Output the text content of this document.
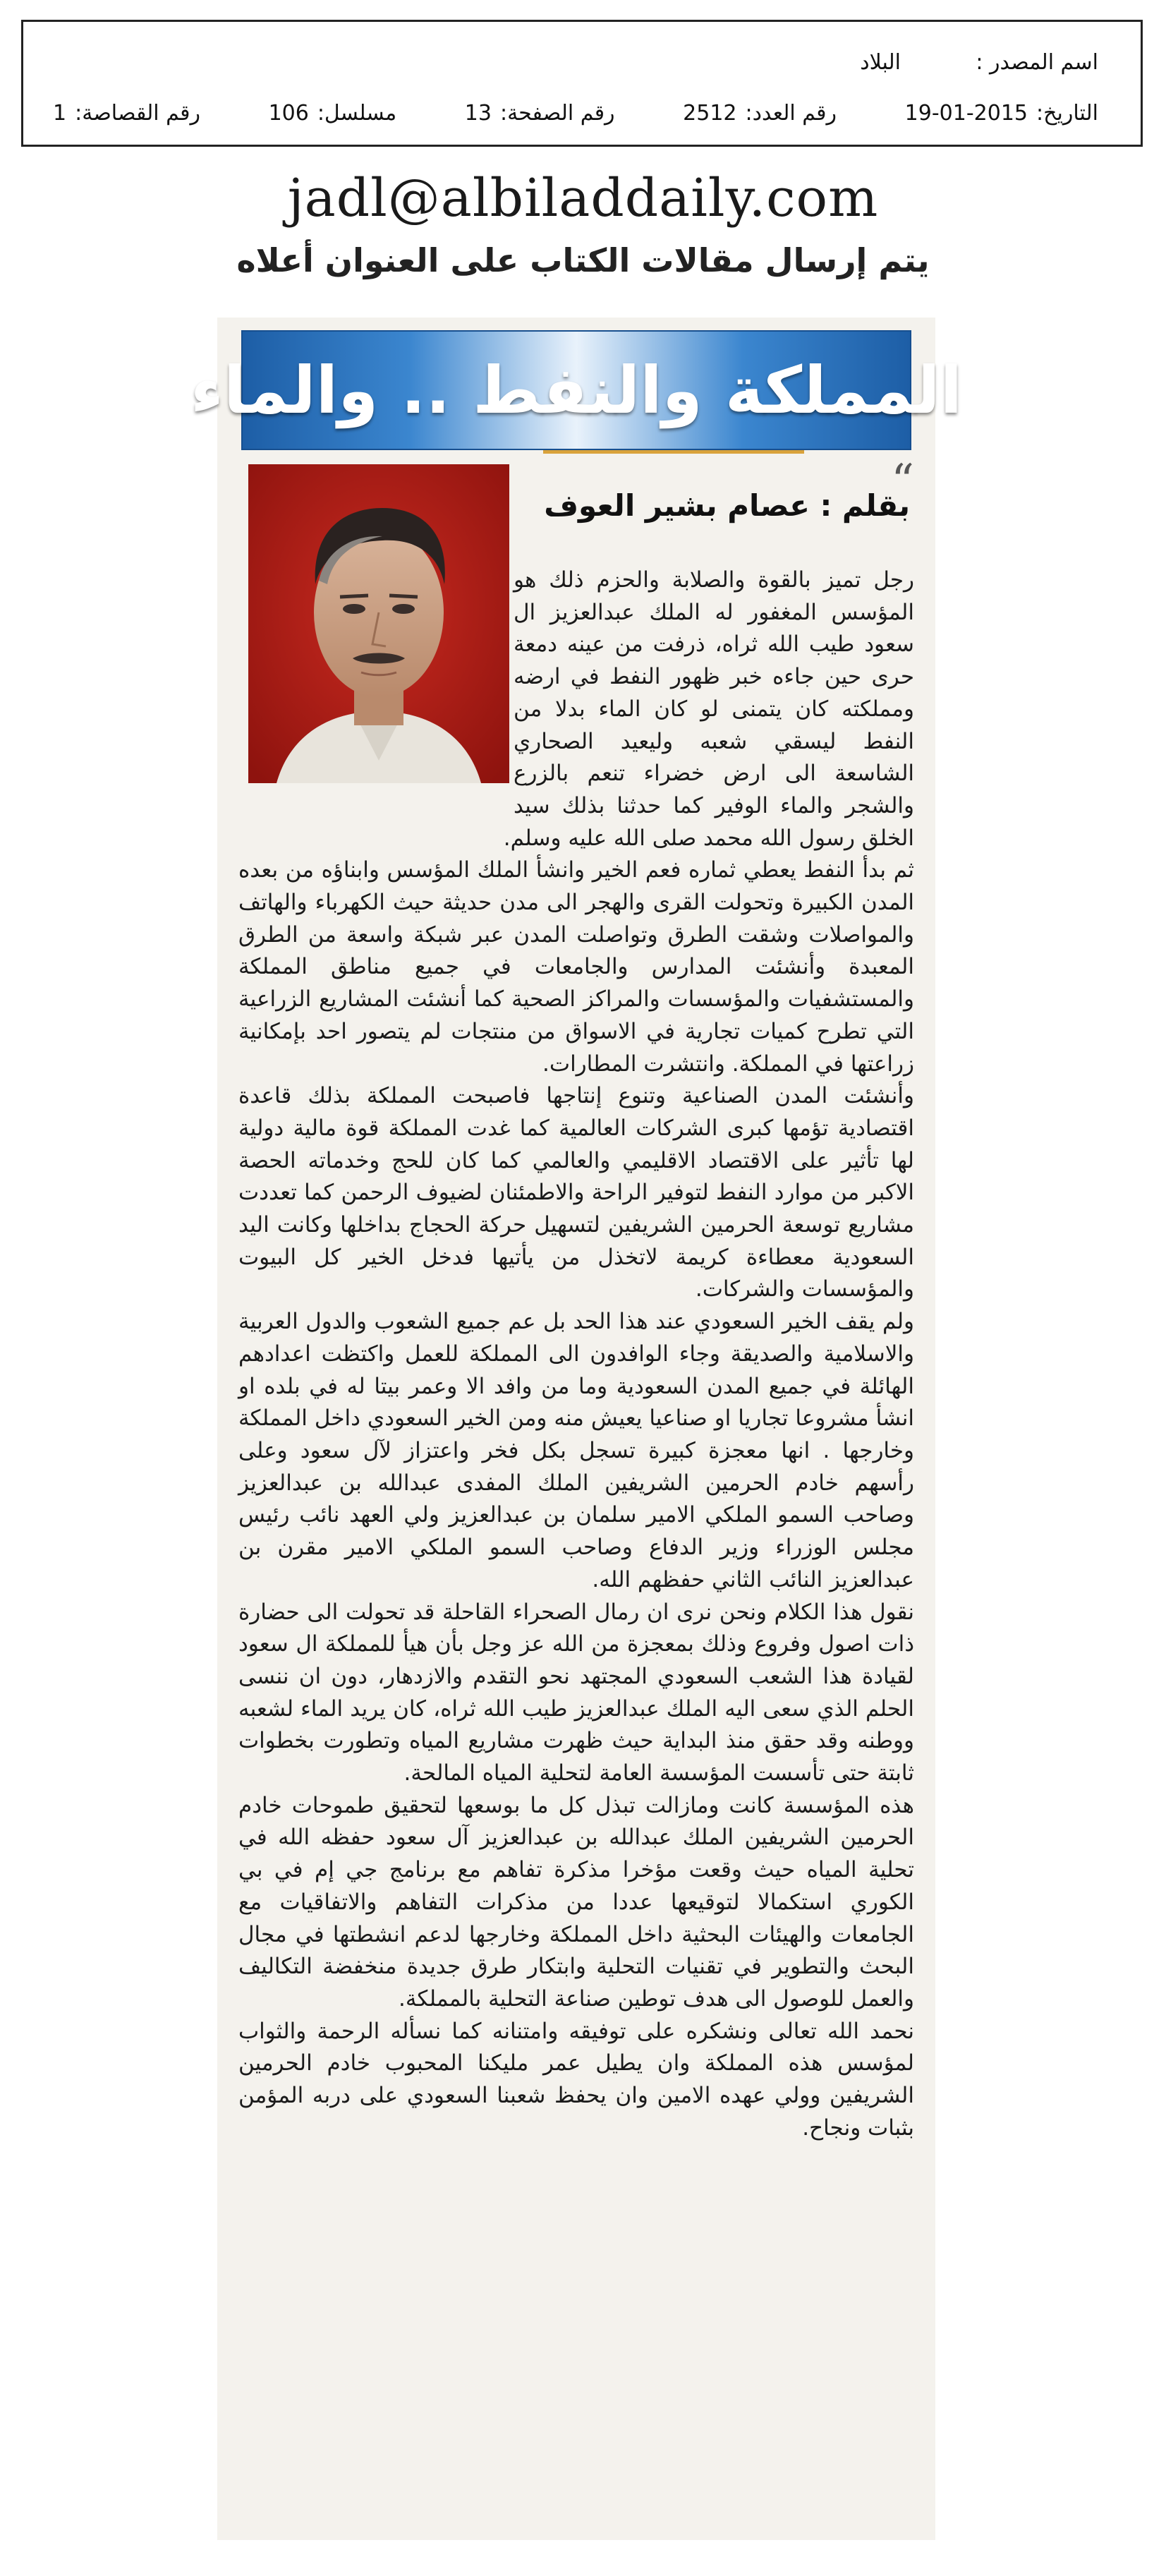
اسم المصدر :
البلاد
التاريخ:2015-01-19
رقم العدد:2512
رقم الصفحة:13
مسلسل:106
رقم القصاصة:1
jadl@albiladdaily.com
يتم إرسال مقالات الكتاب على العنوان أعلاه
المملكة والنفط .. والماء
“
بقلم : عصام بشير العوف

رجل تميز بالقوة والصلابة والحزم ذلك هو المؤسس المغفور له الملك عبدالعزيز ال سعود طيب الله ثراه، ذرفت من عينه دمعة حرى حين جاءه خبر ظهور النفط في ارضه ومملكته كان يتمنى لو كان الماء بدلا من النفط ليسقي شعبه وليعيد الصحاري الشاسعة الى ارض خضراء تنعم بالزرع والشجر والماء الوفير كما حدثنا بذلك سيد الخلق رسول الله محمد صلى الله عليه وسلم.

ثم بدأ النفط يعطي ثماره فعم الخير وانشأ الملك المؤسس وابناؤه من بعده المدن الكبيرة وتحولت القرى والهجر الى مدن حديثة حيث الكهرباء والهاتف والمواصلات وشقت الطرق وتواصلت المدن عبر شبكة واسعة من الطرق المعبدة وأنشئت المدارس والجامعات في جميع مناطق المملكة والمستشفيات والمؤسسات والمراكز الصحية كما أنشئت المشاريع الزراعية التي تطرح كميات تجارية في الاسواق من منتجات لم يتصور احد بإمكانية زراعتها في المملكة. وانتشرت المطارات.

وأنشئت المدن الصناعية وتنوع إنتاجها فاصبحت المملكة بذلك قاعدة اقتصادية تؤمها كبرى الشركات العالمية كما غدت المملكة قوة مالية دولية لها تأثير على الاقتصاد الاقليمي والعالمي كما كان للحج وخدماته الحصة الاكبر من موارد النفط لتوفير الراحة والاطمئنان لضيوف الرحمن كما تعددت مشاريع توسعة الحرمين الشريفين لتسهيل حركة الحجاج بداخلها وكانت اليد السعودية معطاءة كريمة لاتخذل من يأتيها فدخل الخير كل البيوت والمؤسسات والشركات.

ولم يقف الخير السعودي عند هذا الحد بل عم جميع الشعوب والدول العربية والاسلامية والصديقة وجاء الوافدون الى المملكة للعمل واكتظت اعدادهم الهائلة في جميع المدن السعودية وما من وافد الا وعمر بيتا له في بلده او انشأ مشروعا تجاريا او صناعيا يعيش منه ومن الخير السعودي داخل المملكة وخارجها . انها معجزة كبيرة تسجل بكل فخر واعتزاز لآل سعود وعلى رأسهم خادم الحرمين الشريفين الملك المفدى عبدالله بن عبدالعزيز وصاحب السمو الملكي الامير سلمان بن عبدالعزيز ولي العهد نائب رئيس مجلس الوزراء وزير الدفاع وصاحب السمو الملكي الامير مقرن بن عبدالعزيز النائب الثاني حفظهم الله.

نقول هذا الكلام ونحن نرى ان رمال الصحراء القاحلة قد تحولت الى حضارة ذات اصول وفروع وذلك بمعجزة من الله عز وجل بأن هيأ للمملكة ال سعود لقيادة هذا الشعب السعودي المجتهد نحو التقدم والازدهار، دون ان ننسى الحلم الذي سعى اليه الملك عبدالعزيز طيب الله ثراه، كان يريد الماء لشعبه ووطنه وقد حقق منذ البداية حيث ظهرت مشاريع المياه وتطورت بخطوات ثابتة حتى تأسست المؤسسة العامة لتحلية المياه المالحة.

هذه المؤسسة كانت ومازالت تبذل كل ما بوسعها لتحقيق طموحات خادم الحرمين الشريفين الملك عبدالله بن عبدالعزيز آل سعود حفظه الله في تحلية المياه حيث وقعت مؤخرا مذكرة تفاهم مع برنامج جي إم في بي الكوري استكمالا لتوقيعها عددا من مذكرات التفاهم والاتفاقيات مع الجامعات والهيئات البحثية داخل المملكة وخارجها لدعم انشطتها في مجال البحث والتطوير في تقنيات التحلية وابتكار طرق جديدة منخفضة التكاليف والعمل للوصول الى هدف توطين صناعة التحلية بالمملكة.

نحمد الله تعالى ونشكره على توفيقه وامتنانه كما نسأله الرحمة والثواب لمؤسس هذه المملكة وان يطيل عمر مليكنا المحبوب خادم الحرمين الشريفين وولي عهده الامين وان يحفظ شعبنا السعودي على دربه المؤمن بثبات ونجاح.
